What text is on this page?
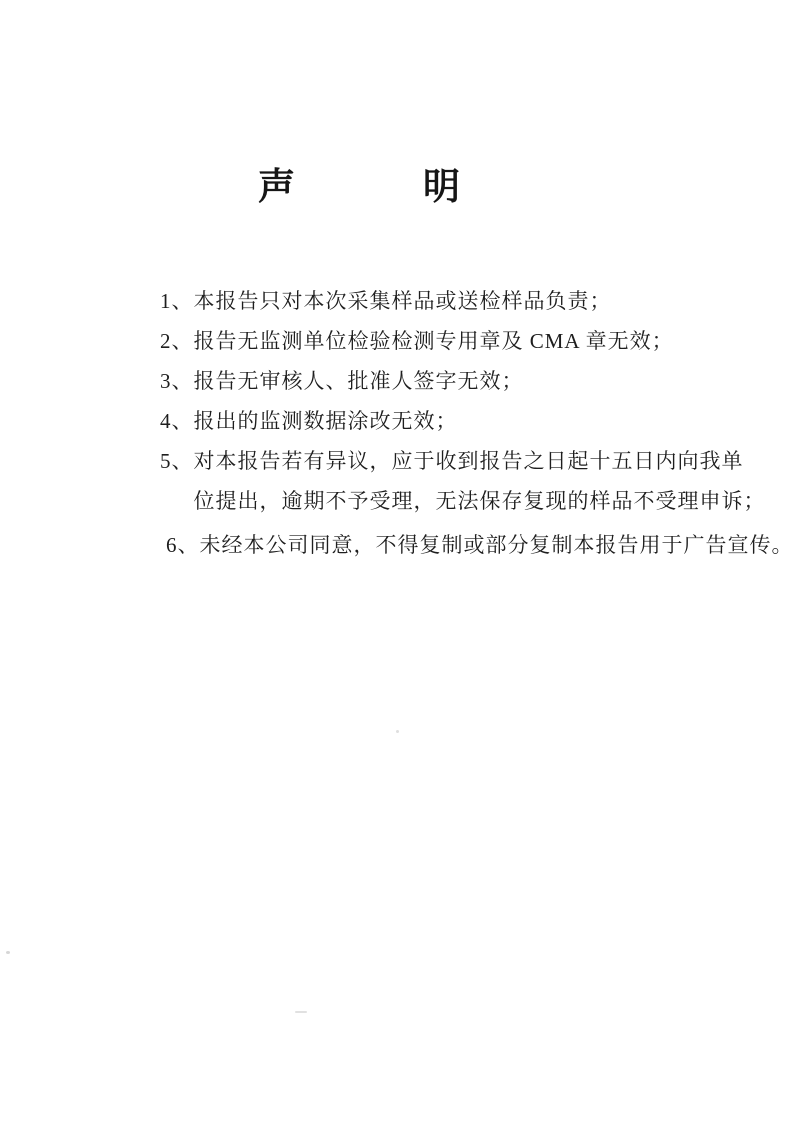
声	明
1、 本报告只对本次采集样品或送检样品负责；
2、 报告无监测单位检验检测专用章及 CMA 章无效；
3、 报告无审核人、批准人签字无效；
4、 报出的监测数据涂改无效；
5、 对本报告若有异议，应于收到报告之日起十五日内向我单
位提出，逾期不予受理，无法保存复现的样品不受理申诉；
6、 未经本公司同意，不得复制或部分复制本报告用于广告宣传。
